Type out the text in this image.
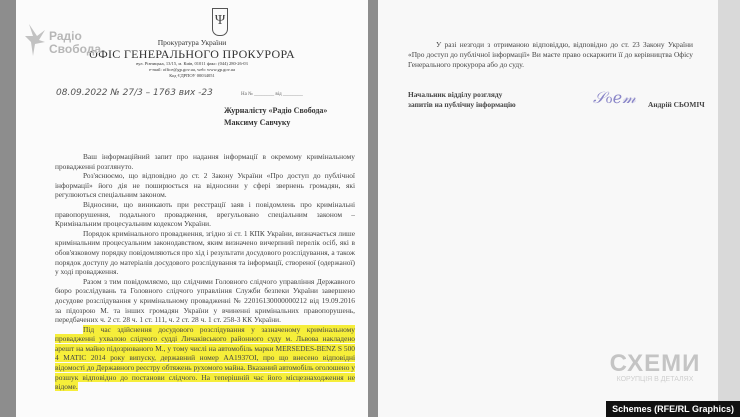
Ψ
Прокуратура України
ОФІС ГЕНЕРАЛЬНОГО ПРОКУРОРА
вул. Різницька, 13/15, м. Київ, 01011 факс: (044) 280-26-03
e-mail: office@gp.gov.ua, web: www.gp.gov.ua
Код ЄДРПОУ 00034051
08.09.2022 № 27/3 – 1763 вих -23	На № ________ від ________
Журналісту «Радіо Свобода»
Максиму Савчуку

Ваш інформаційний запит про надання інформації в окремому кримінальному провадженні розглянуто.

Роз'яснюємо, що відповідно до ст. 2 Закону України «Про доступ до публічної інформації» його дія не поширюється на відносини у сфері звернень громадян, які регулюються спеціальним законом.

Відносини, що виникають при реєстрації заяв і повідомлень про кримінальні правопорушення, подального провадження, врегульовано спеціальним законом – Кримінальним процесуальним кодексом України.

Порядок кримінального провадження, згідно зі ст. 1 КПК України, визначається лише кримінальним процесуальним законодавством, яким визначено вичерпний перелік осіб, які в обов'язковому порядку повідомляються про хід і результати досудового розслідування, а також порядок доступу до матеріалів досудового розслідування та інформації, створеної (одержаної) у ході провадження.

Разом з тим повідомляємо, що слідчими Головного слідчого управління Державного бюро розслідувань та Головного слідчого управління Служби безпеки України завершено досудове розслідування у кримінальному провадженні № 22016130000000212 від 19.09.2016 за підозрою М. та інших громадян України у вчиненні кримінальних правопорушень, передбачених ч. 2 ст. 28 ч. 1 ст. 111, ч. 2 ст. 28 ч. 1 ст. 258-3 КК України.

Під час здійснення досудового розслідування у зазначеному кримінальному провадженні ухвалою слідчого судді Личаківського районного суду м. Львова накладено арешт на майно підозрюваного М., у тому числі на автомобіль марки MERSEDES-BENZ S 500 4 MATIC 2014 року випуску, державний номер AA1937OI, про що внесено відповідні відомості до Державного реєстру обтяжень рухомого майна. Вказаний автомобіль оголошено у розшук відповідно до постанови слідчого. На теперішній час його місцезнаходження не відоме.

Радіо
Свобода	У разі незгоди з отриманою відповіддю, відповідно до ст. 23 Закону України «Про доступ до публічної інформації» Ви маєте право оскаржити її до керівництва Офісу Генерального прокурора або до суду.

Начальник відділу розгляду
запитів на публічну інформацію	𝒮ℴℯ𝓂 Андрій СЬОМІЧ
СХЕМИ
КОРУПЦІЯ В ДЕТАЛЯХ
Schemes (RFE/RL Graphics)
